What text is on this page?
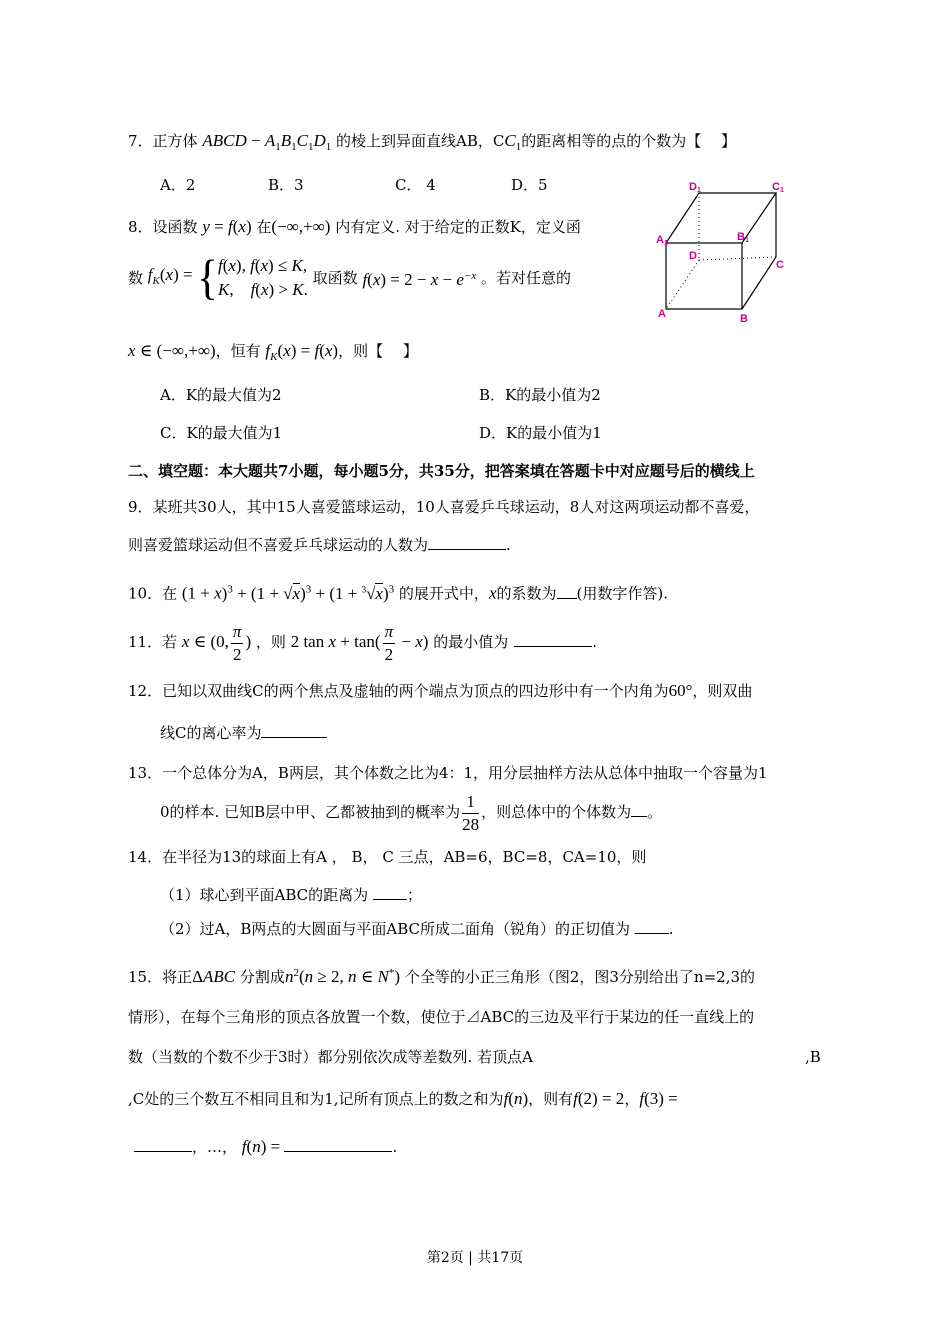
7．正方体 ABCD − $A_1B_1C_1D_1$ 的棱上到异面直线AB，$CC_1$的距离相等的点的个数为【　 】
A．2	B．3	C． 4	D．5	D1	C1
A1
B1
D
C
A	B
8．设函数 y = f(x) 在(−∞,+∞) 内有定义. 对于给定的正数K，定义函
数 $f_K(x)$ = { f(x), f(x) ≤ K,
K,    f(x) > K.
取函数 $f(x) = 2 - x - e^{-x}$ 。若对任意的
x ∈ (−∞,+∞)，恒有 $f_K(x) = f(x)$，则【　 】
A．K的最大值为2	B．K的最小值为2
C．K的最大值为1	D．K的最小值为1
二、填空题：本大题共7小题，每小题5分，共35分，把答案填在答题卡中对应题号后的横线上
9．某班共30人，其中15人喜爱篮球运动，10人喜爱乒乓球运动，8人对这两项运动都不喜爱，
则喜爱篮球运动但不喜爱乒乓球运动的人数为	.
10．在 $(1 + x)^3 + (1 + √x)^3 + (1 + ^3√x)^3$ 的展开式中，x的系数为 (用数字作答).
11．若 x ∈ (0, $\frac{\pi}{2}$ ) ，则 2 $\tan x + \tan( \frac{\pi}{2} - x)$ 的最小值为	.
12．已知以双曲线C的两个焦点及虚轴的两个端点为顶点的四边形中有一个内角为60°，则双曲
线C的离心率为
13．一个总体分为A，B两层，其个体数之比为4：1，用分层抽样方法从总体中抽取一个容量为1
0的样本. 已知B层中甲、乙都被抽到的概率为 $\frac{1}{28}$ ，则总体中的个体数为 。
14．在半径为13的球面上有A ， B， C 三点，AB=6，BC=8，CA=10，则
（1）球心到平面ABC的距离为	；
（2）过A，B两点的大圆面与平面ABC所成二面角（锐角）的正切值为	.
15．将正ΔABC 分割成$n^2(n \ge 2$, n ∈ N*) 个全等的小正三角形（图2，图3分别给出了n=2,3的
情形），在每个三角形的顶点各放置一个数，使位于⊿ABC的三边及平行于某边的任一直线上的
数（当数的个数不少于3时）都分别依次成等差数列. 若顶点A	,B
,C处的三个数互不相同且和为1,记所有顶点上的数之和为f(n)，则有f(2) = 2，f(3) =
，…， f(n) =	.
第2页 | 共17页
